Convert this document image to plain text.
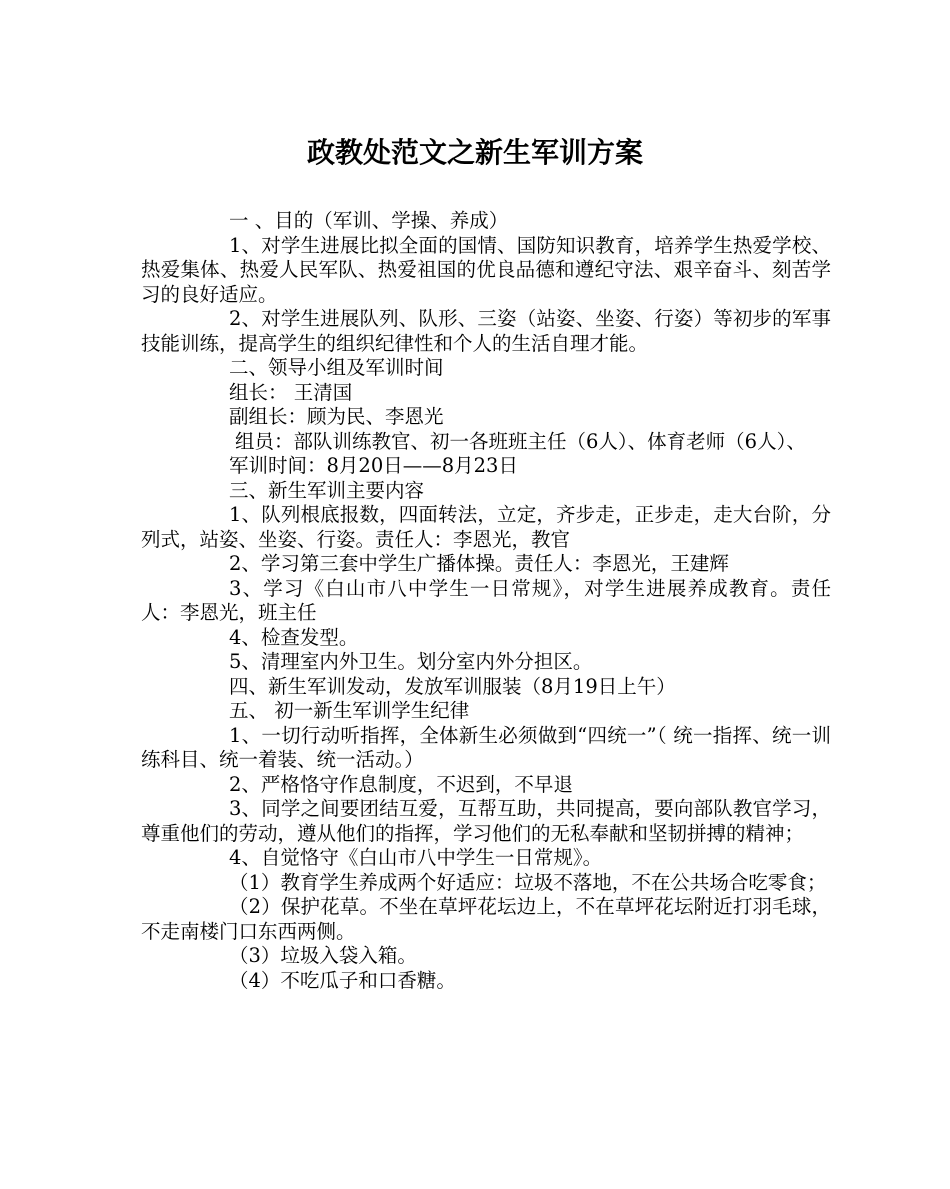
政教处范文之新生军训方案

一 、目的（军训、学操、养成）

1、对学生进展比拟全面的国情、国防知识教育，培养学生热爱学校、热爱集体、热爱人民军队、热爱祖国的优良品德和遵纪守法、艰辛奋斗、刻苦学习的良好适应。

2、对学生进展队列、队形、三姿（站姿、坐姿、行姿）等初步的军事技能训练，提高学生的组织纪律性和个人的生活自理才能。

二、领导小组及军训时间

组长： 王清国

副组长：顾为民、李恩光

组员：部队训练教官、初一各班班主任（6人）、体育老师（6人）、

军训时间：8月20日——8月23日

三、新生军训主要内容

1、队列根底报数，四面转法，立定，齐步走，正步走，走大台阶，分列式，站姿、坐姿、行姿。责任人：李恩光，教官

2、学习第三套中学生广播体操。责任人：李恩光，王建辉

3、学习《白山市八中学生一日常规》，对学生进展养成教育。责任人：李恩光，班主任

4、检查发型。

5、清理室内外卫生。划分室内外分担区。

四、新生军训发动，发放军训服装（8月19日上午）

五、 初一新生军训学生纪律

1、一切行动听指挥，全体新生必须做到“四统一”（ 统一指挥、统一训练科目、统一着装、统一活动。）

2、严格恪守作息制度，不迟到，不早退

3、同学之间要团结互爱，互帮互助，共同提高，要向部队教官学习，尊重他们的劳动，遵从他们的指挥，学习他们的无私奉献和坚韧拼搏的精神；

4、自觉恪守《白山市八中学生一日常规》。

（1）教育学生养成两个好适应：垃圾不落地，不在公共场合吃零食；

（2）保护花草。不坐在草坪花坛边上，不在草坪花坛附近打羽毛球，不走南楼门口东西两侧。

（3）垃圾入袋入箱。

（4）不吃瓜子和口香糖。
